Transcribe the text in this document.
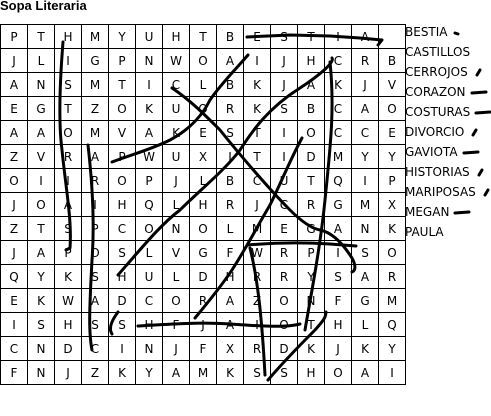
Sopa Literaria
P	T	H	M	Y	U	H	T	B	E	S	T	I	A	
J	L	I	G	P	N	W	O	A	I	J	H	C	R	B
A	N	S	M	T	I	C	L	B	K	J	A	K	J	V
E	G	T	Z	O	K	U	O	R	K	S	B	C	A	O
A	A	O	M	V	A	K	E	S	T	I	O	C	C	E
Z	V	R	A	P	W	U	X	I	T	I	D	M	Y	Y
O	I	I	R	O	P	J	L	B	C	U	T	Q	I	P
J	O	A	I	H	Q	L	H	R	J	C	R	G	M	X
Z	T	S	P	C	O	N	O	L	M	E	G	A	N	K
J	A	P	O	S	L	V	G	F	W	R	P	I	S	O
Q	Y	K	S	H	U	L	D	H	R	R	Y	S	A	R
E	K	W	A	D	C	O	R	A	Z	O	N	F	G	M
I	S	H	S	S	H	F	J	A	I	O	T	H	L	Q
C	N	D	C	I	N	J	F	X	R	D	K	J	K	Y
F	N	J	Z	K	Y	A	M	K	S	S	H	O	A	I
BESTIA
CASTILLOS
CERROJOS
CORAZON
COSTURAS
DIVORCIO
GAVIOTA
HISTORIAS
MARIPOSAS
MEGAN
PAULA
